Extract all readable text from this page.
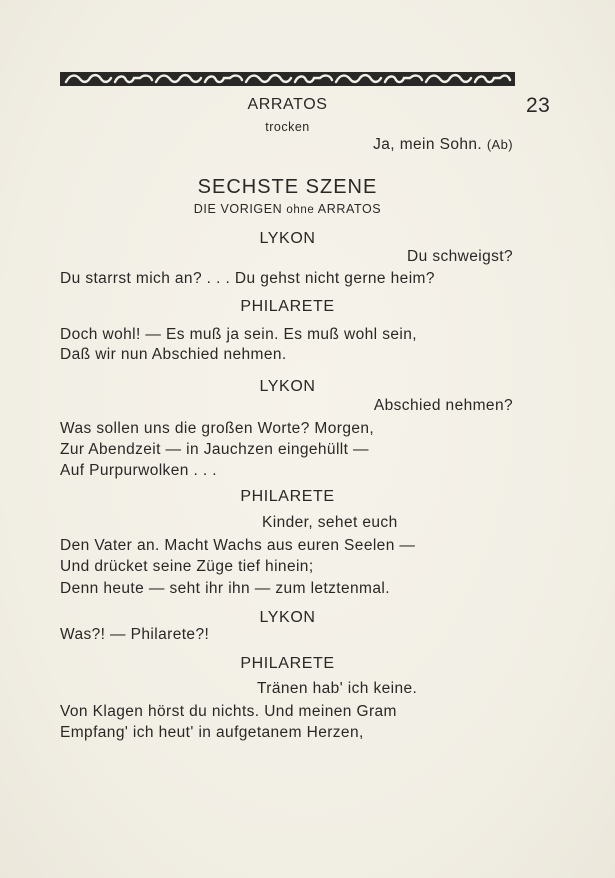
23
ARRATOS
trocken
Ja, mein Sohn. (Ab)
SECHSTE SZENE
DIE VORIGEN ohne ARRATOS
LYKON
Du schweigst?
Du starrst mich an? . . . Du gehst nicht gerne heim?
PHILARETE
Doch wohl! — Es muß ja sein. Es muß wohl sein,
Daß wir nun Abschied nehmen.
LYKON
Abschied nehmen?
Was sollen uns die großen Worte? Morgen,
Zur Abendzeit — in Jauchzen eingehüllt —
Auf Purpurwolken . . .
PHILARETE
Kinder, sehet euch
Den Vater an. Macht Wachs aus euren Seelen —
Und drücket seine Züge tief hinein;
Denn heute — seht ihr ihn — zum letztenmal.
LYKON
Was?! — Philarete?!
PHILARETE
Tränen hab' ich keine.
Von Klagen hörst du nichts. Und meinen Gram
Empfang' ich heut' in aufgetanem Herzen,
